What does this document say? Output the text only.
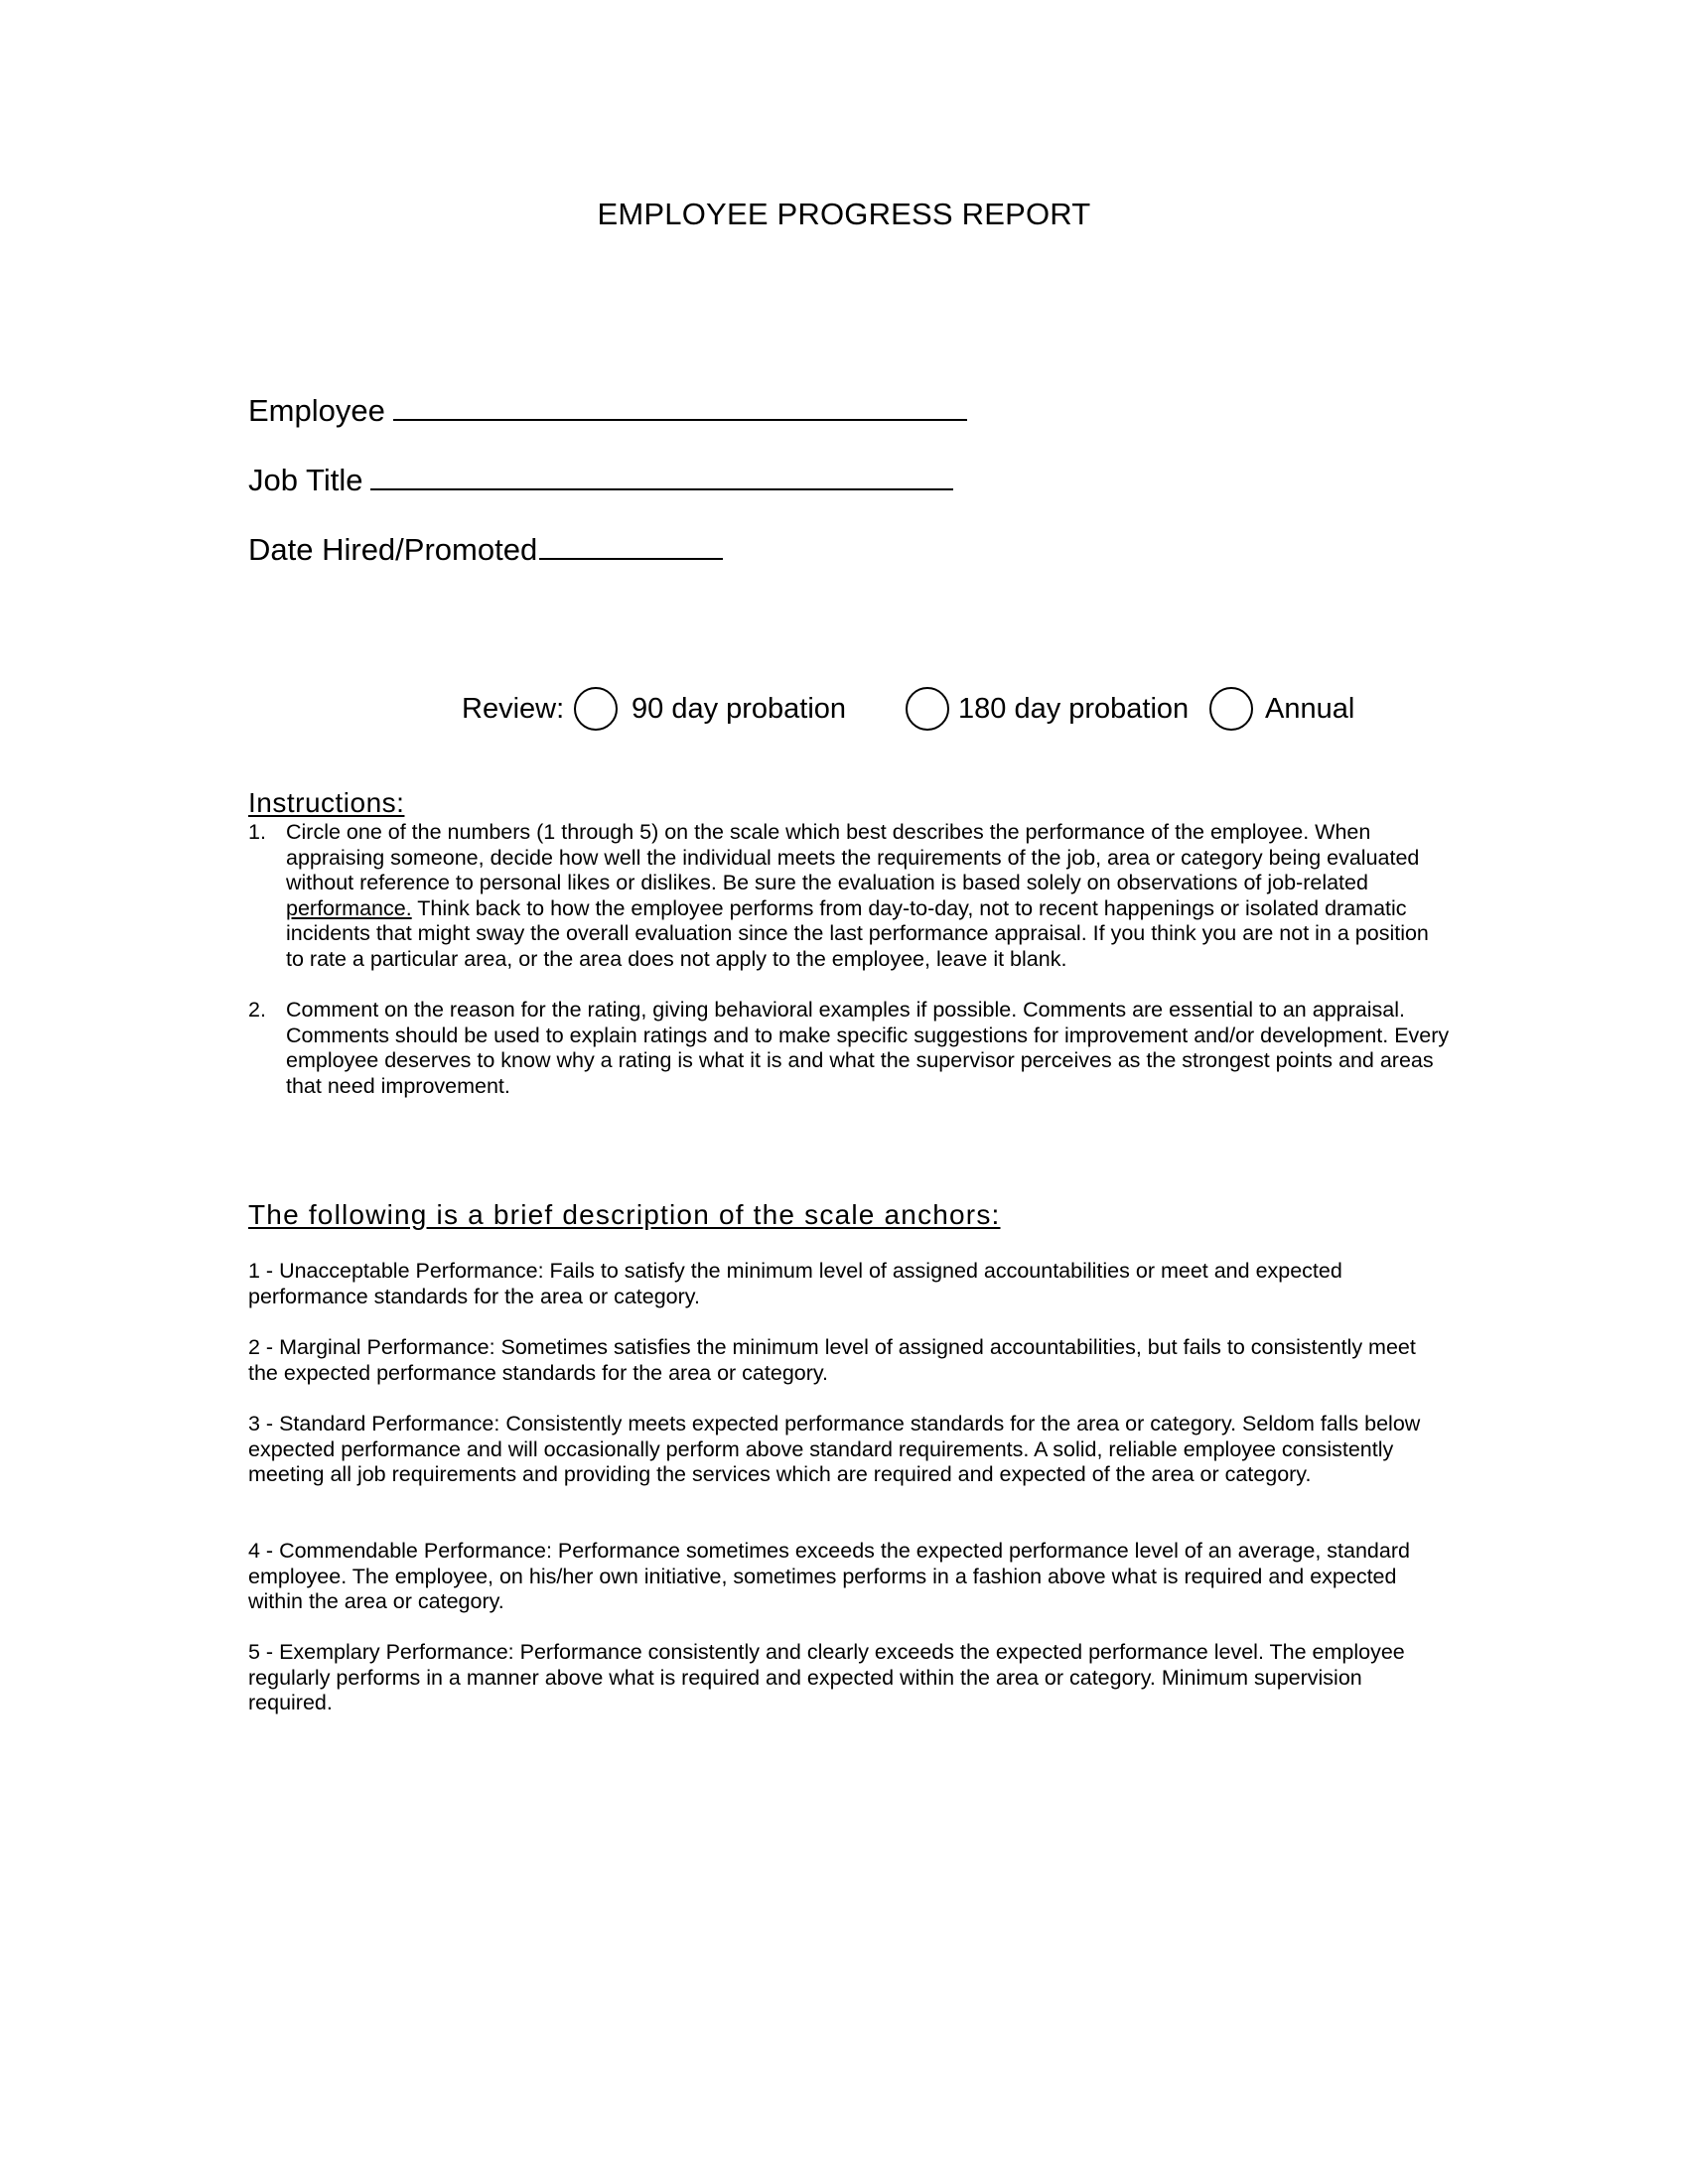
EMPLOYEE PROGRESS REPORT
Employee
Job Title
Date Hired/Promoted
Review: 90 day probation	180 day probation	Annual
Instructions:
1. Circle one of the numbers (1 through 5) on the scale which best describes the performance of the employee. When appraising someone, decide how well the individual meets the requirements of the job, area or category being evaluated without reference to personal likes or dislikes. Be sure the evaluation is based solely on observations of job-related performance. Think back to how the employee performs from day-to-day, not to recent happenings or isolated dramatic incidents that might sway the overall evaluation since the last performance appraisal. If you think you are not in a position to rate a particular area, or the area does not apply to the employee, leave it blank.
2. Comment on the reason for the rating, giving behavioral examples if possible. Comments are essential to an appraisal. Comments should be used to explain ratings and to make specific suggestions for improvement and/or development. Every employee deserves to know why a rating is what it is and what the supervisor perceives as the strongest points and areas that need improvement.
The following is a brief description of the scale anchors:
1 - Unacceptable Performance: Fails to satisfy the minimum level of assigned accountabilities or meet and expected performance standards for the area or category.
2 - Marginal Performance: Sometimes satisfies the minimum level of assigned accountabilities, but fails to consistently meet the expected performance standards for the area or category.
3 - Standard Performance: Consistently meets expected performance standards for the area or category. Seldom falls below expected performance and will occasionally perform above standard requirements. A solid, reliable employee consistently meeting all job requirements and providing the services which are required and expected of the area or category.
4 - Commendable Performance: Performance sometimes exceeds the expected performance level of an average, standard employee. The employee, on his/her own initiative, sometimes performs in a fashion above what is required and expected within the area or category.
5 - Exemplary Performance: Performance consistently and clearly exceeds the expected performance level. The employee regularly performs in a manner above what is required and expected within the area or category. Minimum supervision required.
